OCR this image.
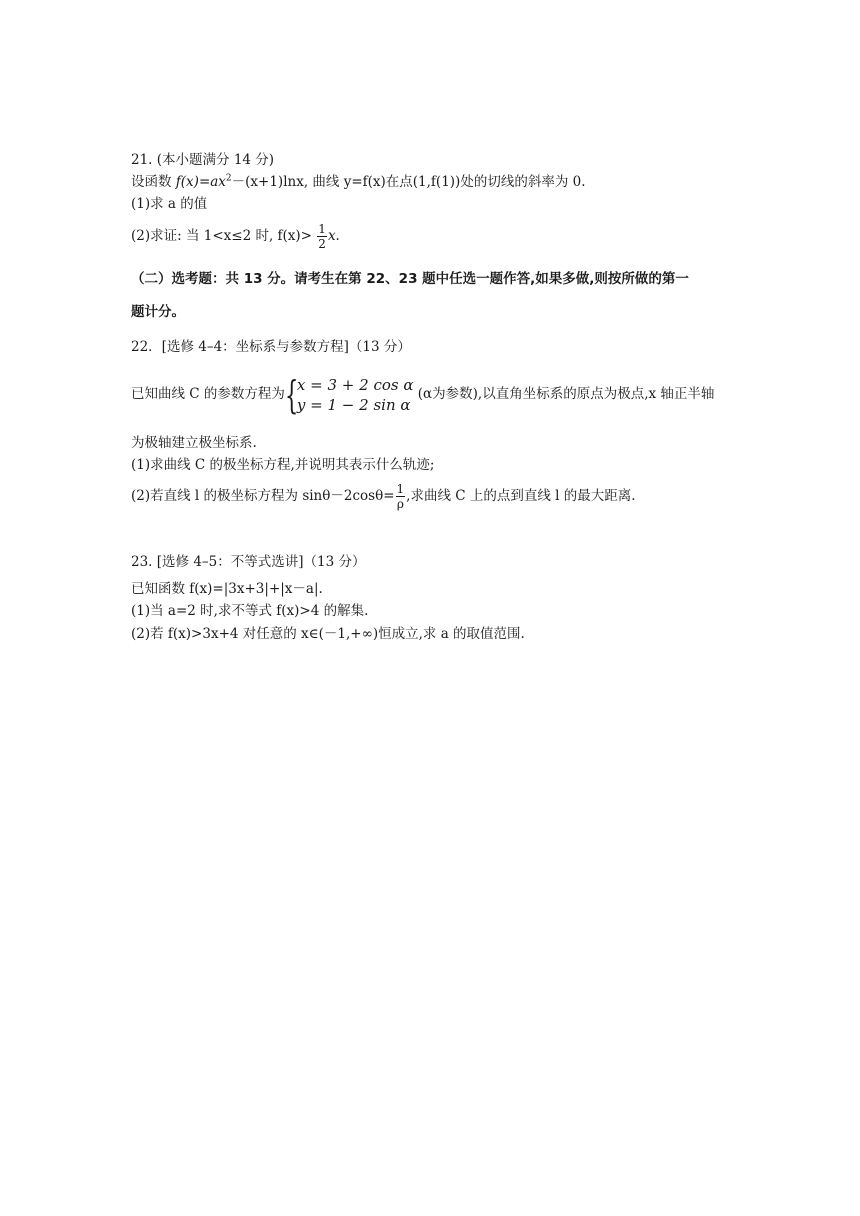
21. (本小题满分 14 分)
设函数 $f(x)=ax^2-(x+1)\ln x$, 曲线 y=f(x)在点(1,f(1))处的切线的斜率为 0.
(1)求 a 的值
(2)求证: 当 1<x≤2 时, $f(x)> \frac{1}{2} x$.
（二）选考题：共 13 分。请考生在第 22、23 题中任选一题作答,如果多做,则按所做的第一
题计分。
22．[选修 4–4：坐标系与参数方程]（13 分）
已知曲线 C 的参数方程为 {
x = 3 + 2 cos α
y = 1 − 2 sin α
(α为参数),以直角坐标系的原点为极点,x 轴正半轴
为极轴建立极坐标系.
(1)求曲线 C 的极坐标方程,并说明其表示什么轨迹;
(2)若直线 l 的极坐标方程为 $\sin\theta-2\cos\theta= \frac{1}{\rho}$ ,求曲线 C 上的点到直线 l 的最大距离.
23. [选修 4–5：不等式选讲]（13 分）
已知函数 f(x)=|3x+3|+|x－a|.
(1)当 a=2 时,求不等式 f(x)>4 的解集.
(2)若 f(x)>3x+4 对任意的 x∈(－1,+∞)恒成立,求 a 的取值范围.
